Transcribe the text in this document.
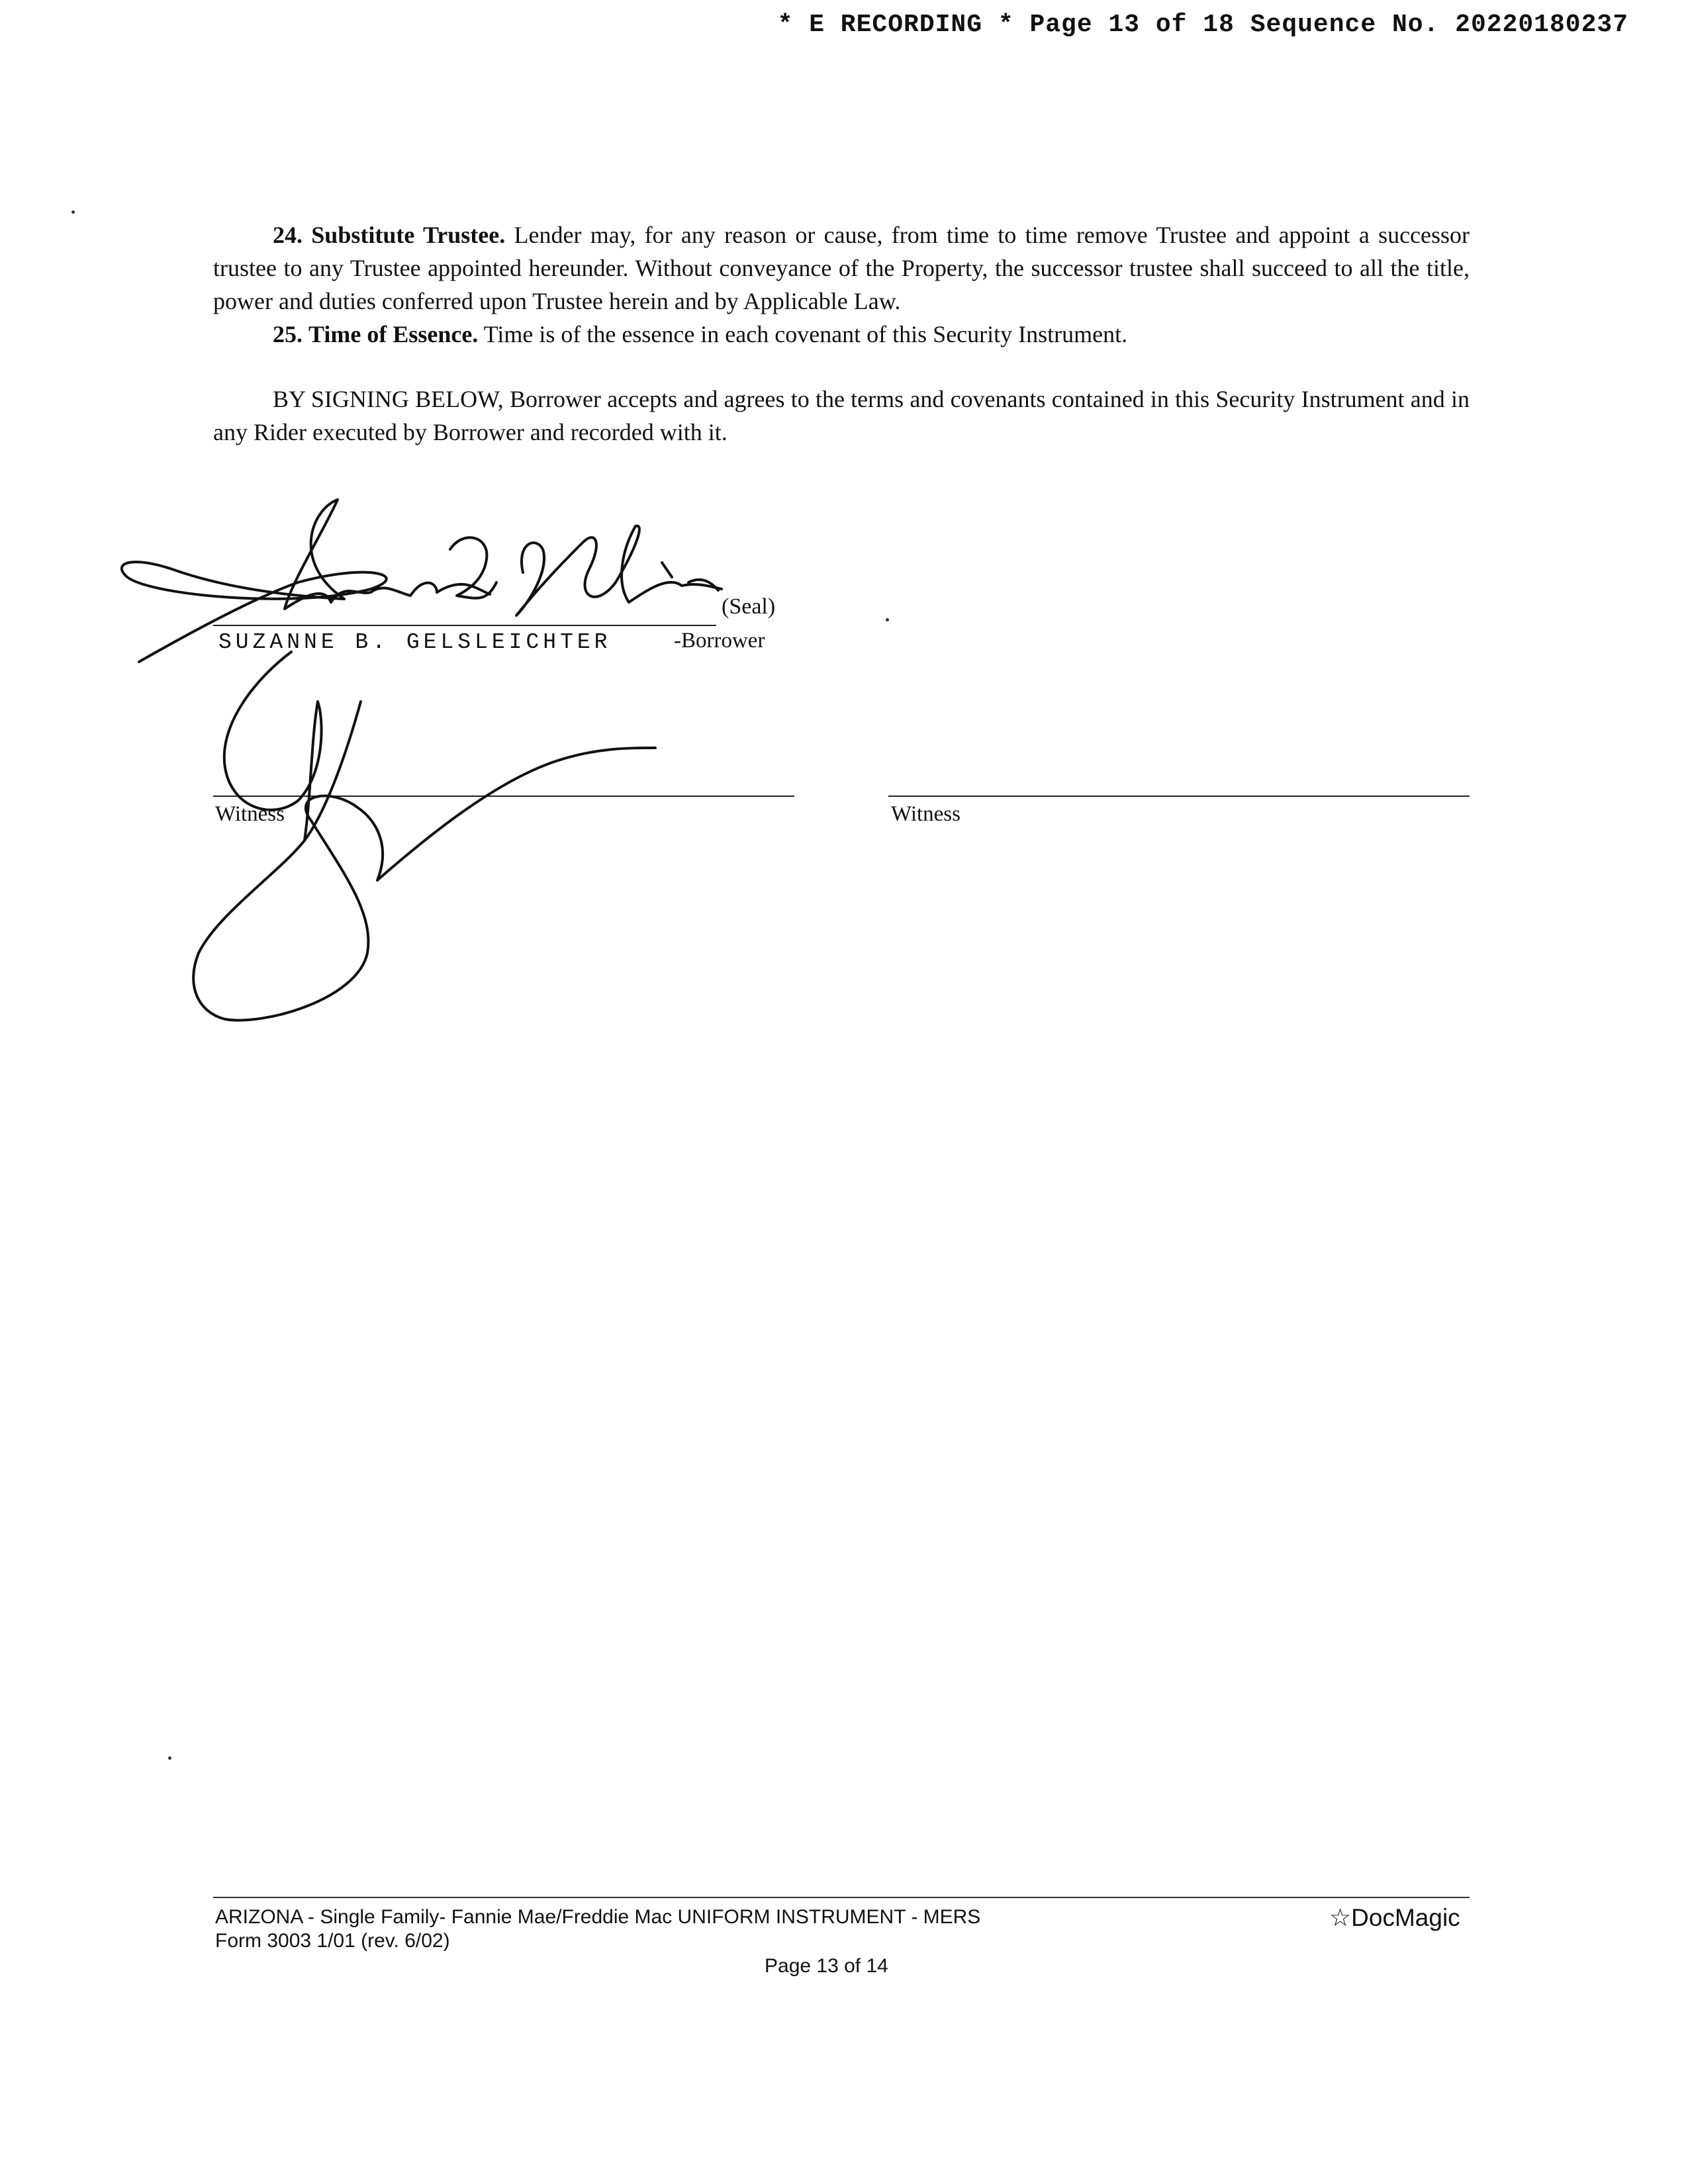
* E RECORDING * Page 13 of 18 Sequence No. 20220180237

24. Substitute Trustee. Lender may, for any reason or cause, from time to time remove Trustee and appoint a successor trustee to any Trustee appointed hereunder. Without conveyance of the Property, the successor trustee shall succeed to all the title, power and duties conferred upon Trustee herein and by Applicable Law.

25. Time of Essence. Time is of the essence in each covenant of this Security Instrument.

BY SIGNING BELOW, Borrower accepts and agrees to the terms and covenants contained in this Security Instrument and in any Rider executed by Borrower and recorded with it.

(Seal)
SUZANNE B. GELSLEICHTER	-Borrower
Witness	Witness
ARIZONA - Single Family- Fannie Mae/Freddie Mac UNIFORM INSTRUMENT - MERS
Form 3003 1/01 (rev. 6/02)
Page 13 of 14
☆DocMagic
